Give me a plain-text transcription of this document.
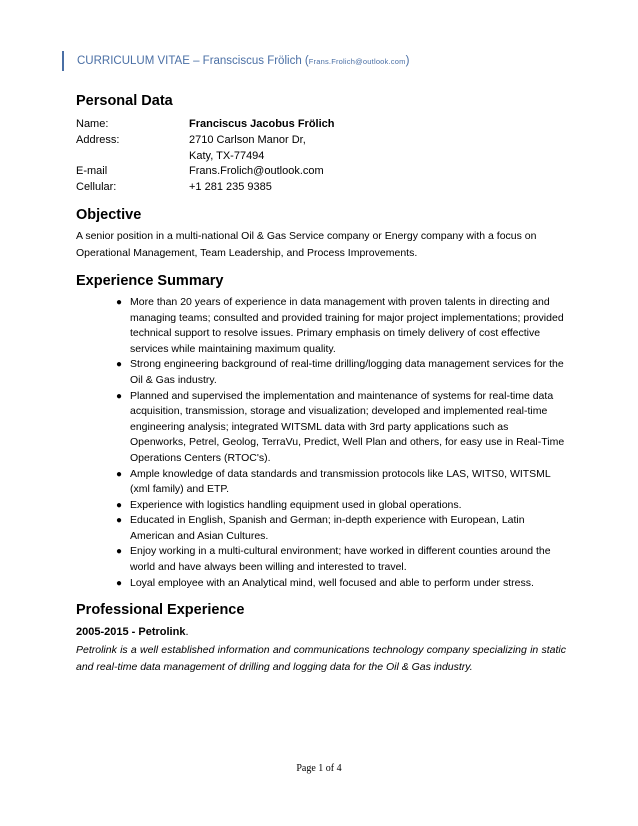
CURRICULUM VITAE – Fransciscus Frölich (Frans.Frolich@outlook.com)
Personal Data
Name:	Franciscus Jacobus Frölich
Address:	2710 Carlson Manor Dr,
Katy, TX-77494
E-mail	Frans.Frolich@outlook.com
Cellular:	+1 281 235 9385
Objective

A senior position in a multi-national Oil & Gas Service company or Energy company with a focus on Operational Management, Team Leadership, and Process Improvements.

Experience Summary
● More than 20 years of experience in data management with proven talents in directing and managing teams; consulted and provided training for major project implementations; provided technical support to resolve issues. Primary emphasis on timely delivery of cost effective services while maintaining maximum quality.
● Strong engineering background of real-time drilling/logging data management services for the Oil & Gas industry.
● Planned and supervised the implementation and maintenance of systems for real-time data acquisition, transmission, storage and visualization; developed and implemented real-time engineering analysis; integrated WITSML data with 3rd party applications such as Openworks, Petrel, Geolog, TerraVu, Predict, Well Plan and others, for easy use in Real-Time Operations Centers (RTOC's).
● Ample knowledge of data standards and transmission protocols like LAS, WITS0, WITSML (xml family) and ETP.
● Experience with logistics handling equipment used in global operations.
● Educated in English, Spanish and German; in-depth experience with European, Latin American and Asian Cultures.
● Enjoy working in a multi-cultural environment; have worked in different counties around the world and have always been willing and interested to travel.
● Loyal employee with an Analytical mind, well focused and able to perform under stress.
Professional Experience
2005-2015 - Petrolink.

Petrolink is a well established information and communications technology company specializing in static and real-time data management of drilling and logging data for the Oil & Gas industry.

Page 1 of 4
